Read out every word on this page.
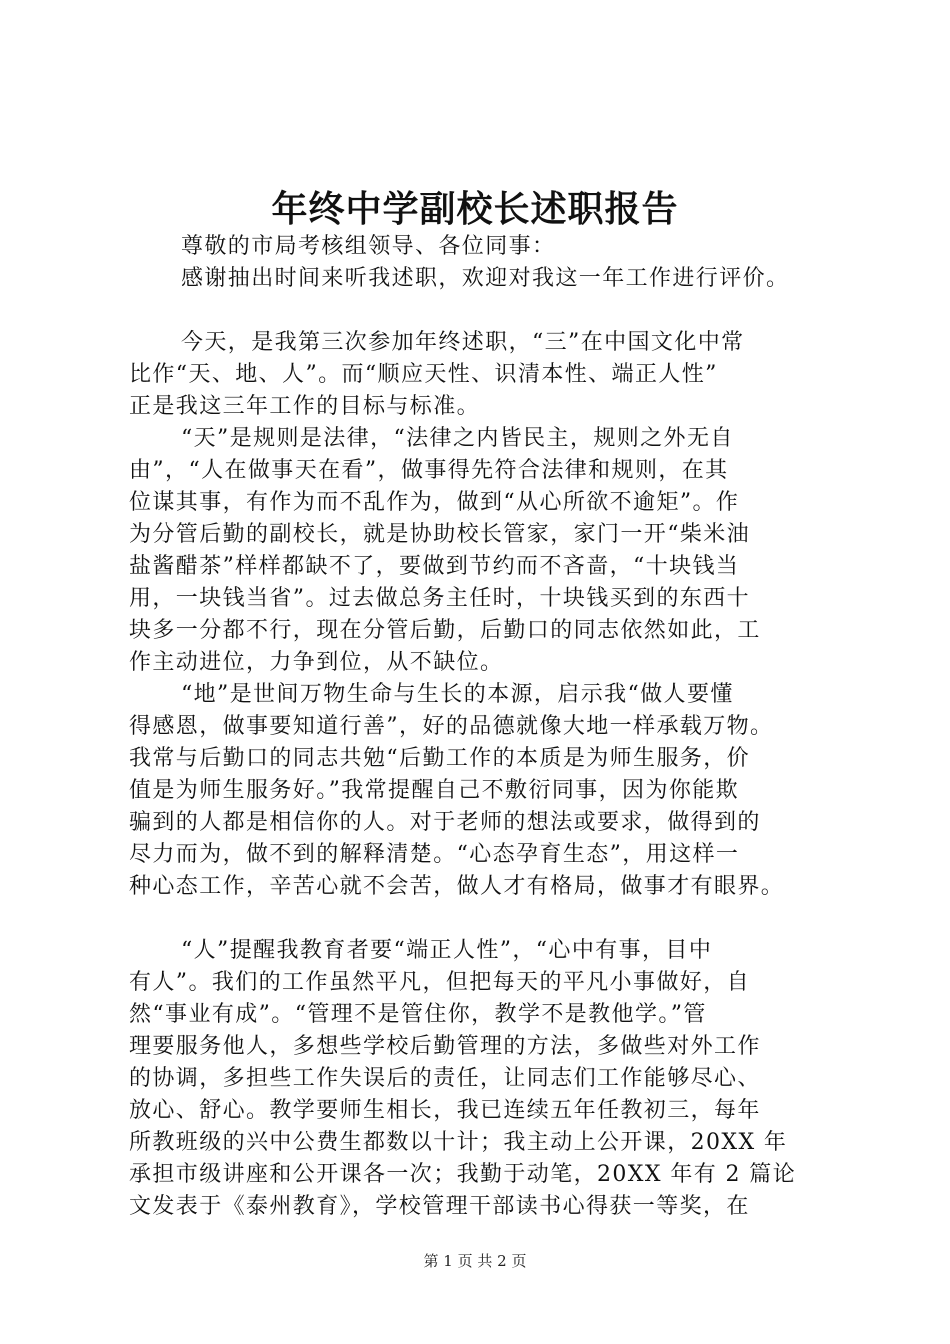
年终中学副校长述职报告
尊敬的市局考核组领导、各位同事：
感谢抽出时间来听我述职，欢迎对我这一年工作进行评价。
今天，是我第三次参加年终述职，“三”在中国文化中常
比作“天、地、人”。而“顺应天性、识清本性、端正人性”
正是我这三年工作的目标与标准。
“天”是规则是法律，“法律之内皆民主，规则之外无自
由”，“人在做事天在看”，做事得先符合法律和规则，在其
位谋其事，有作为而不乱作为，做到“从心所欲不逾矩”。作
为分管后勤的副校长，就是协助校长管家，家门一开“柴米油
盐酱醋茶”样样都缺不了，要做到节约而不吝啬，“十块钱当
用，一块钱当省”。过去做总务主任时，十块钱买到的东西十
块多一分都不行，现在分管后勤，后勤口的同志依然如此，工
作主动进位，力争到位，从不缺位。
“地”是世间万物生命与生长的本源，启示我“做人要懂
得感恩，做事要知道行善”，好的品德就像大地一样承载万物。
我常与后勤口的同志共勉“后勤工作的本质是为师生服务，价
值是为师生服务好。”我常提醒自己不敷衍同事，因为你能欺
骗到的人都是相信你的人。对于老师的想法或要求，做得到的
尽力而为，做不到的解释清楚。“心态孕育生态”，用这样一
种心态工作，辛苦心就不会苦，做人才有格局，做事才有眼界。
“人”提醒我教育者要“端正人性”，“心中有事，目中
有人”。我们的工作虽然平凡，但把每天的平凡小事做好，自
然“事业有成”。“管理不是管住你，教学不是教他学。”管
理要服务他人，多想些学校后勤管理的方法，多做些对外工作
的协调，多担些工作失误后的责任，让同志们工作能够尽心、
放心、舒心。教学要师生相长，我已连续五年任教初三，每年
所教班级的兴中公费生都数以十计；我主动上公开课，20XX 年
承担市级讲座和公开课各一次；我勤于动笔，20XX 年有 2 篇论
文发表于《泰州教育》，学校管理干部读书心得获一等奖，在
第 1 页 共 2 页
